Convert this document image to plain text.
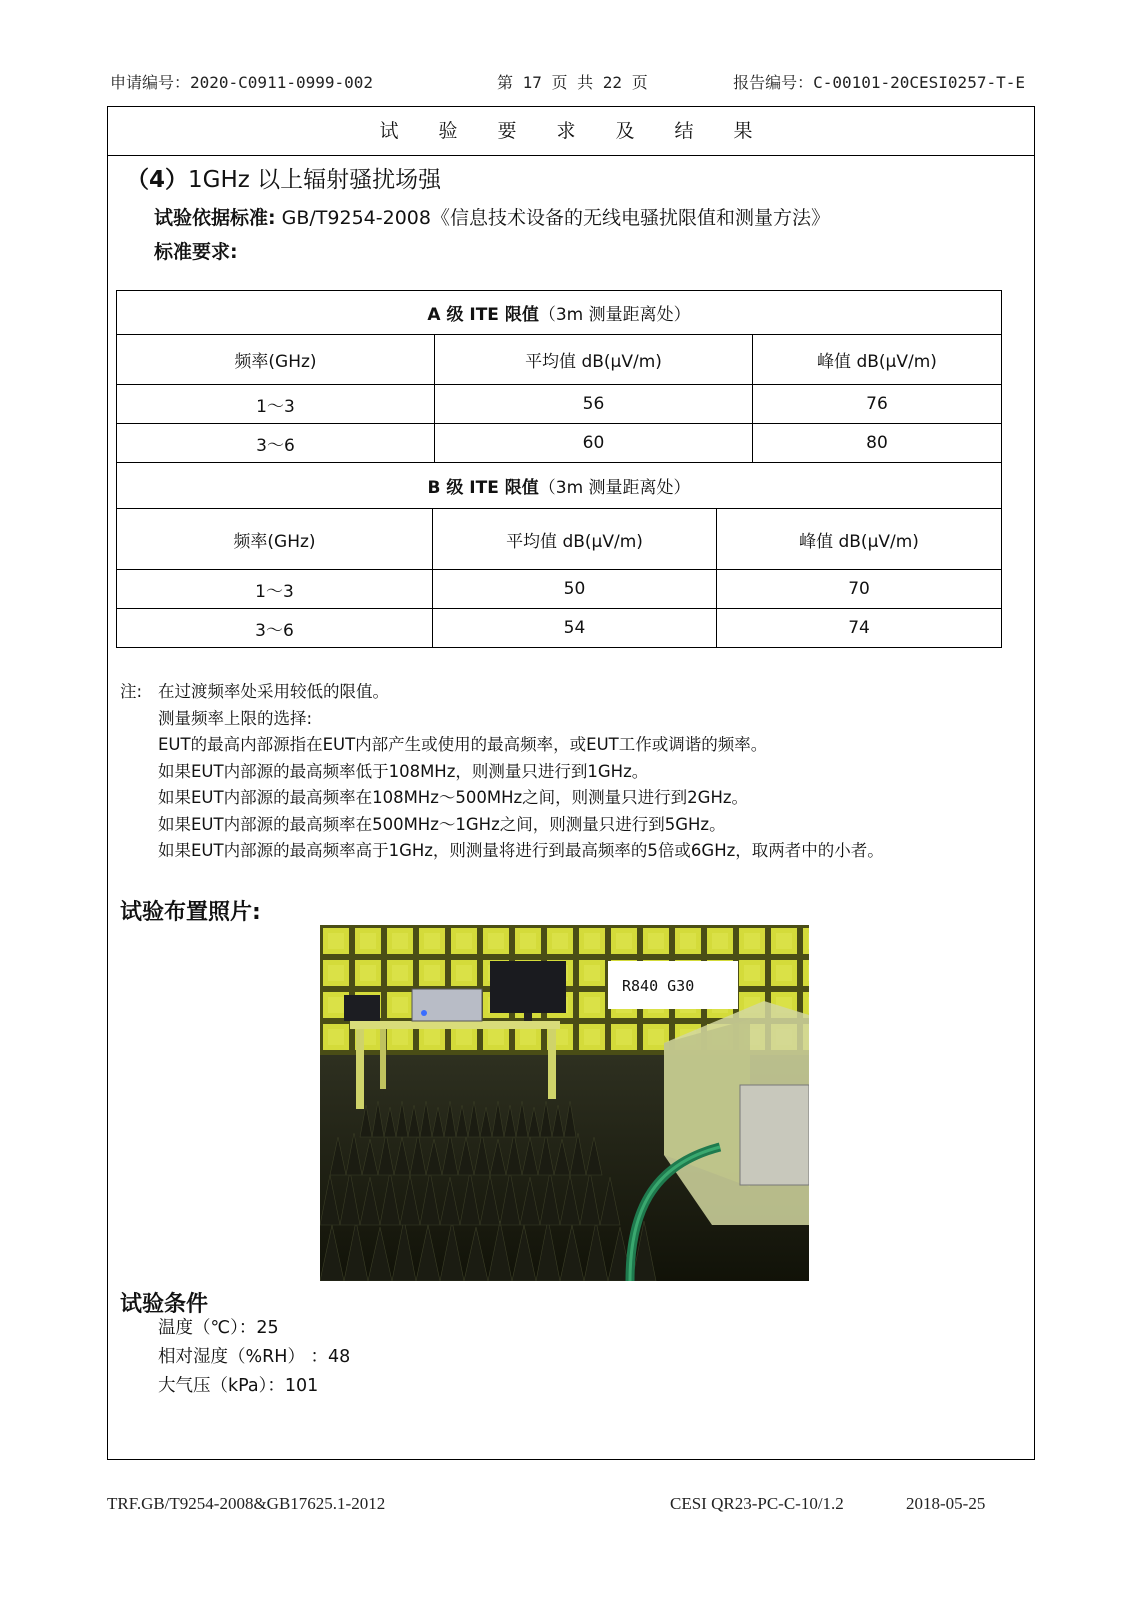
申请编号：2020-C0911-0999-002	第 17 页 共 22 页	报告编号：C-00101-20CESI0257-T-E
试验要求及结果
（4）1GHz 以上辐射骚扰场强
试验依据标准: GB/T9254-2008《信息技术设备的无线电骚扰限值和测量方法》
标准要求:
A 级 ITE 限值（3m 测量距离处）		
频率(GHz)	平均值 dB(μV/m)	峰值 dB(μV/m)
1～3	56	76
3～6	60	80
B 级 ITE 限值（3m 测量距离处）		
频率(GHz)	平均值 dB(μV/m)	峰值 dB(μV/m)
1～3	50	70
3～6	54	74
注: 在过渡频率处采用较低的限值。
测量频率上限的选择:
EUT的最高内部源指在EUT内部产生或使用的最高频率，或EUT工作或调谐的频率。
如果EUT内部源的最高频率低于108MHz，则测量只进行到1GHz。
如果EUT内部源的最高频率在108MHz～500MHz之间，则测量只进行到2GHz。
如果EUT内部源的最高频率在500MHz～1GHz之间，则测量只进行到5GHz。
如果EUT内部源的最高频率高于1GHz，则测量将进行到最高频率的5倍或6GHz，取两者中的小者。
试验布置照片:
R840 G30
试验条件
温度（℃）：25
相对湿度（%RH） ：48
大气压（kPa）：101
TRF.GB/T9254-2008&GB17625.1-2012	CESI QR23-PC-C-10/1.2	2018-05-25
